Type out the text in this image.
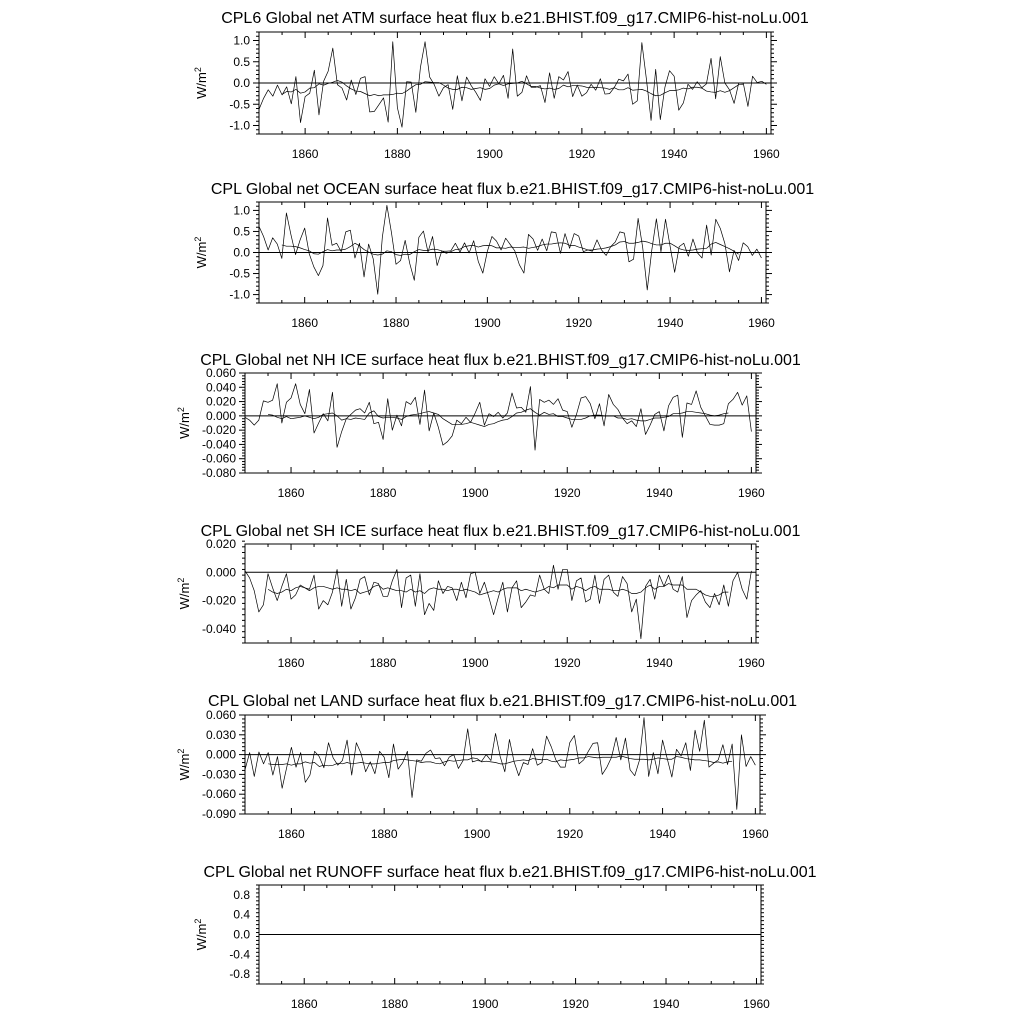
CPL6 Global net ATM surface heat flux b.e21.BHIST.f09_g17.CMIP6-hist-noLu.001
$W/m^2$
1860	1880	1900	1920	1940	1960
-1.0
-0.5
0.0
0.5
1.0
CPL Global net OCEAN surface heat flux b.e21.BHIST.f09_g17.CMIP6-hist-noLu.001
$W/m^2$
1860	1880	1900	1920	1940	1960
-1.0
-0.5
0.0
0.5
1.0
CPL Global net NH ICE surface heat flux b.e21.BHIST.f09_g17.CMIP6-hist-noLu.001
$W/m^2$
1860	1880	1900	1920	1940	1960
-0.080
-0.060
-0.040
-0.020
0.000
0.020
0.040
0.060
CPL Global net SH ICE surface heat flux b.e21.BHIST.f09_g17.CMIP6-hist-noLu.001
$W/m^2$
1860	1880	1900	1920	1940	1960
-0.040
-0.020
0.000
0.020
CPL Global net LAND surface heat flux b.e21.BHIST.f09_g17.CMIP6-hist-noLu.001
$W/m^2$
1860	1880	1900	1920	1940	1960
-0.090
-0.060
-0.030
0.000
0.030
0.060
CPL Global net RUNOFF surface heat flux b.e21.BHIST.f09_g17.CMIP6-hist-noLu.001
$W/m^2$
1860	1880	1900	1920	1940	1960
-0.8
-0.4
0.0
0.4
0.8
